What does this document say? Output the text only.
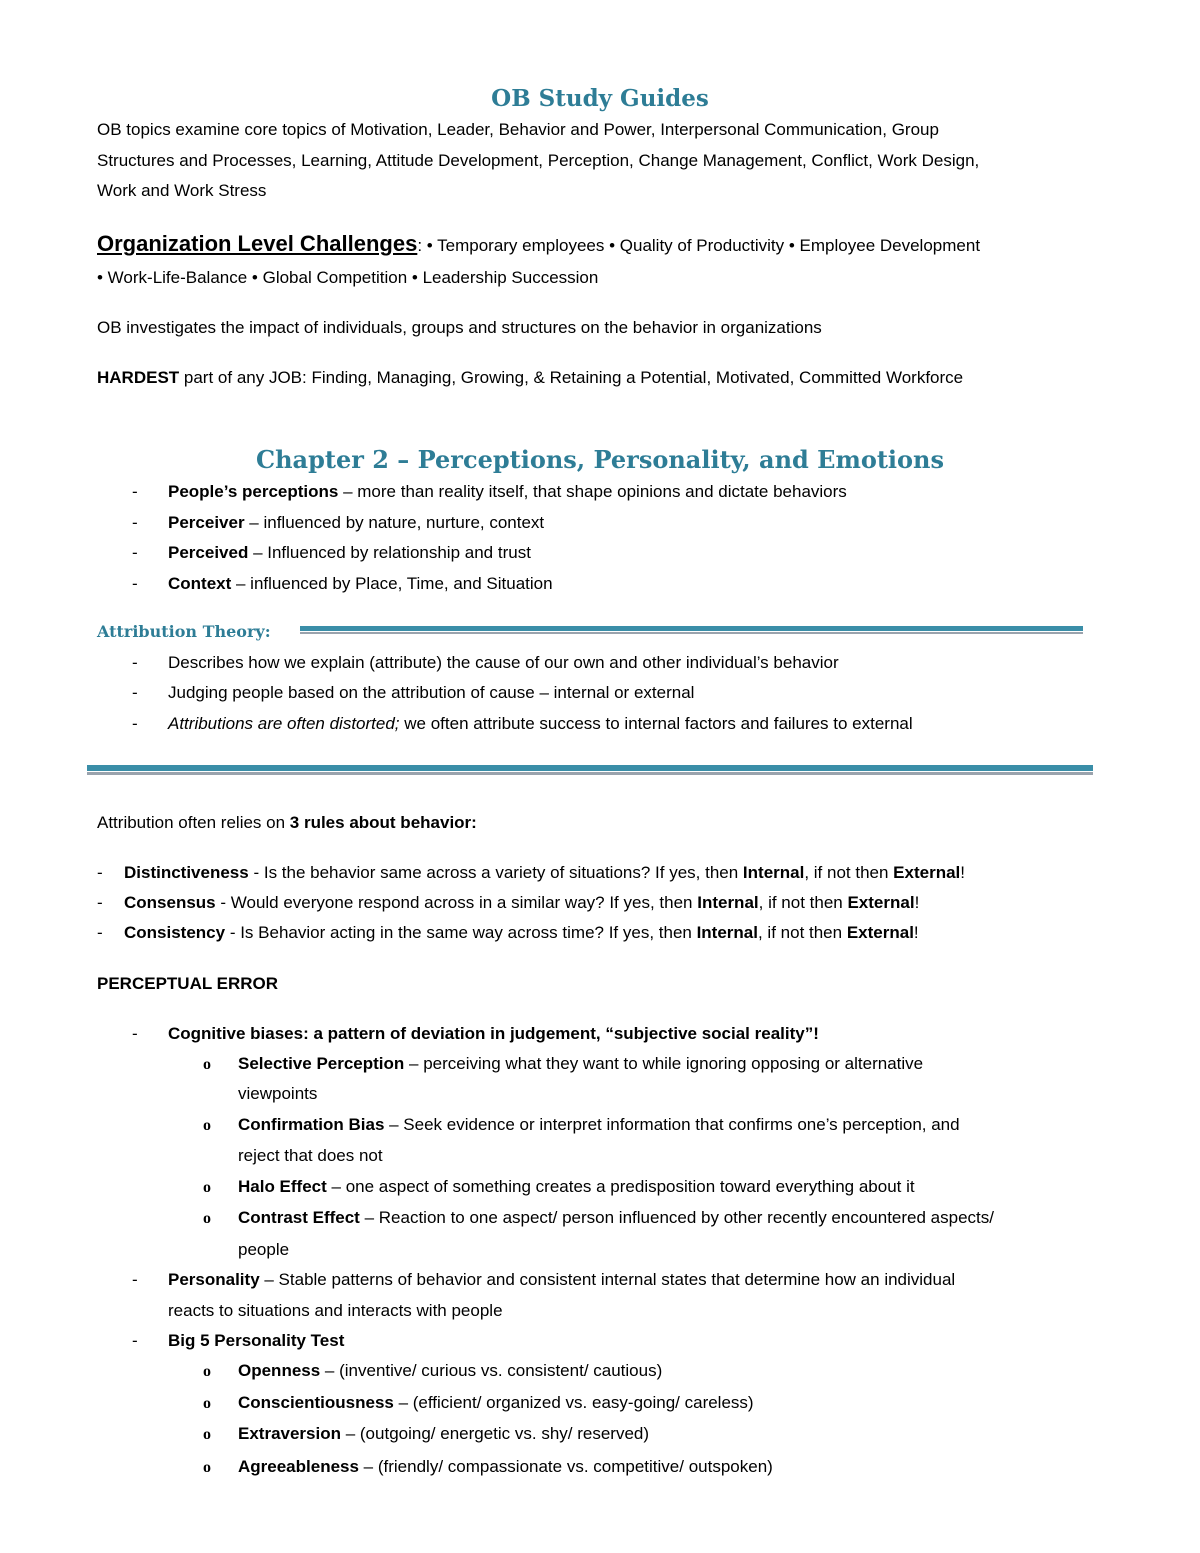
OB Study Guides

OB topics examine core topics of Motivation, Leader, Behavior and Power, Interpersonal Communication, Group

Structures and Processes, Learning, Attitude Development, Perception, Change Management, Conflict, Work Design,

Work and Work Stress

Organization Level Challenges: • Temporary employees • Quality of Productivity • Employee Development

• Work-Life-Balance • Global Competition • Leadership Succession

OB investigates the impact of individuals, groups and structures on the behavior in organizations

HARDEST part of any JOB: Finding, Managing, Growing, & Retaining a Potential, Motivated, Committed Workforce

Chapter 2 – Perceptions, Personality, and Emotions
- People’s perceptions – more than reality itself, that shape opinions and dictate behaviors

- Perceiver – influenced by nature, nurture, context

- Perceived – Influenced by relationship and trust

- Context – influenced by Place, Time, and Situation

Attribution Theory:

- Describes how we explain (attribute) the cause of our own and other individual’s behavior

- Judging people based on the attribution of cause – internal or external

- Attributions are often distorted; we often attribute success to internal factors and failures to external

Attribution often relies on 3 rules about behavior:

- Distinctiveness - Is the behavior same across a variety of situations? If yes, then Internal, if not then External!

- Consensus - Would everyone respond across in a similar way? If yes, then Internal, if not then External!

- Consistency - Is Behavior acting in the same way across time? If yes, then Internal, if not then External!

PERCEPTUAL ERROR

- Cognitive biases: a pattern of deviation in judgement, “subjective social reality”!

o Selective Perception – perceiving what they want to while ignoring opposing or alternative

viewpoints

o Confirmation Bias – Seek evidence or interpret information that confirms one’s perception, and

reject that does not

o Halo Effect – one aspect of something creates a predisposition toward everything about it

o Contrast Effect – Reaction to one aspect/ person influenced by other recently encountered aspects/

people

- Personality – Stable patterns of behavior and consistent internal states that determine how an individual

reacts to situations and interacts with people

- Big 5 Personality Test

o Openness – (inventive/ curious vs. consistent/ cautious)

o Conscientiousness – (efficient/ organized vs. easy-going/ careless)

o Extraversion – (outgoing/ energetic vs. shy/ reserved)

o Agreeableness – (friendly/ compassionate vs. competitive/ outspoken)
